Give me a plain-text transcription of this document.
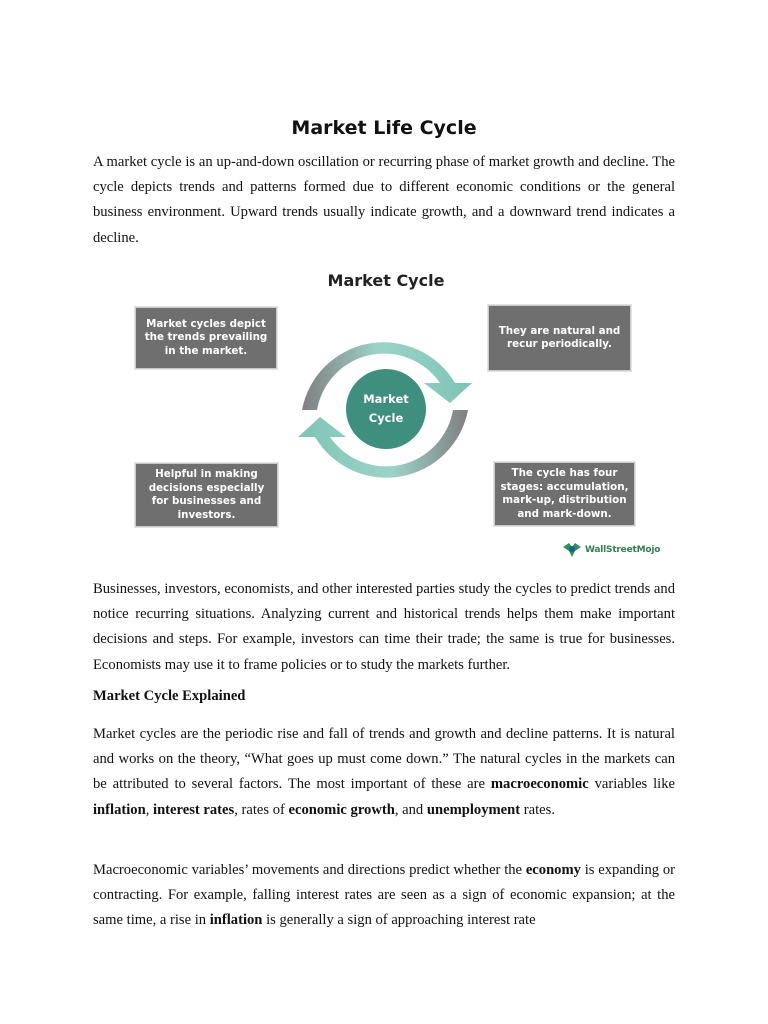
Market Life Cycle

A market cycle is an up-and-down oscillation or recurring phase of market growth and decline. The cycle depicts trends and patterns formed due to different economic conditions or the general business environment. Upward trends usually indicate growth, and a downward trend indicates a decline.

Market Cycle
Market cycles depict the trends prevailing in the market.
They are natural and recur periodically.
Helpful in making decisions especially for businesses and investors.
The cycle has four stages: accumulation, mark-up, distribution and mark-down.
Market
Cycle
WallStreetMojo

Businesses, investors, economists, and other interested parties study the cycles to predict trends and notice recurring situations. Analyzing current and historical trends helps them make important decisions and steps. For example, investors can time their trade; the same is true for businesses. Economists may use it to frame policies or to study the markets further.

Market Cycle Explained

Market cycles are the periodic rise and fall of trends and growth and decline patterns. It is natural and works on the theory, “What goes up must come down.” The natural cycles in the markets can be attributed to several factors. The most important of these are macroeconomic variables like inflation, interest rates, rates of economic growth, and unemployment rates.

Macroeconomic variables’ movements and directions predict whether the economy is expanding or contracting. For example, falling interest rates are seen as a sign of economic expansion; at the same time, a rise in inflation is generally a sign of approaching interest rate
